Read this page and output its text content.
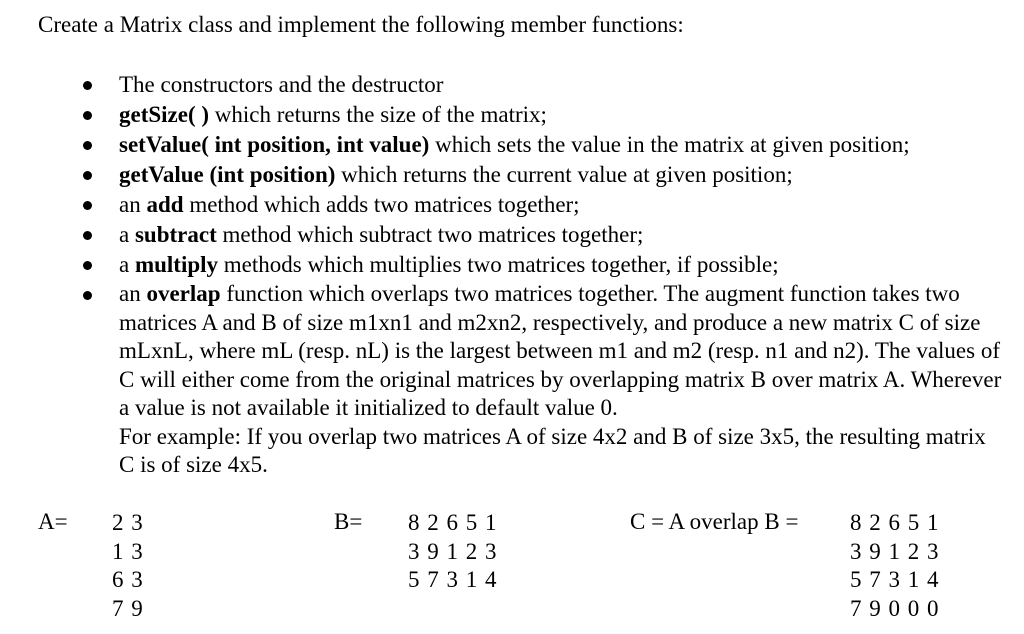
Create a Matrix class and implement the following member functions:
The constructors and the destructor
getSize( ) which returns the size of the matrix;
setValue( int position, int value) which sets the value in the matrix at given position;
getValue (int position) which returns the current value at given position;
an add method which adds two matrices together;
a subtract method which subtract two matrices together;
a multiply methods which multiplies two matrices together, if possible;

an overlap function which overlaps two matrices together. The augment function takes two matrices A and B of size m1xn1 and m2xn2, respectively, and produce a new matrix C of size mLxnL, where mL (resp. nL) is the largest between m1 and m2 (resp. n1 and n2). The values of C will either come from the original matrices by overlapping matrix B over matrix A. Wherever a value is not available it initialized to default value 0.

For example: If you overlap two matrices A of size 4x2 and B of size 3x5, the resulting matrix C is of size 4x5.

A= 2 3
1 3
6 3
7 9
B= 8 2 6 5 1
3 9 1 2 3
5 7 3 1 4
C = A overlap B = 8 2 6 5 1
3 9 1 2 3
5 7 3 1 4
7 9 0 0 0
